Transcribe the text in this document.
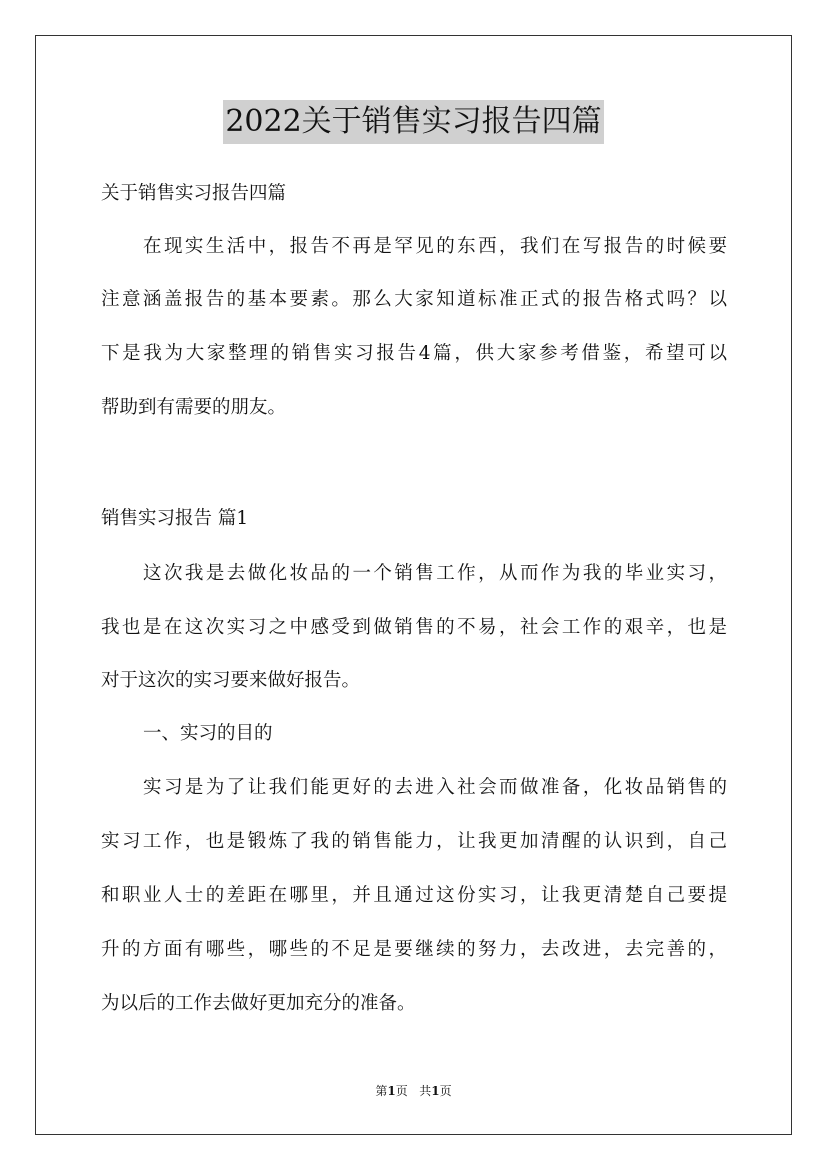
2022关于销售实习报告四篇
关于销售实习报告四篇
在现实生活中，报告不再是罕见的东西，我们在写报告的时候要
注意涵盖报告的基本要素。那么大家知道标准正式的报告格式吗？以
下是我为大家整理的销售实习报告4篇，供大家参考借鉴，希望可以
帮助到有需要的朋友。
销售实习报告 篇1
这次我是去做化妆品的一个销售工作，从而作为我的毕业实习，
我也是在这次实习之中感受到做销售的不易，社会工作的艰辛，也是
对于这次的实习要来做好报告。
一、实习的目的
实习是为了让我们能更好的去进入社会而做准备，化妆品销售的
实习工作，也是锻炼了我的销售能力，让我更加清醒的认识到，自己
和职业人士的差距在哪里，并且通过这份实习，让我更清楚自己要提
升的方面有哪些，哪些的不足是要继续的努力，去改进，去完善的，
为以后的工作去做好更加充分的准备。
第1页 共1页
